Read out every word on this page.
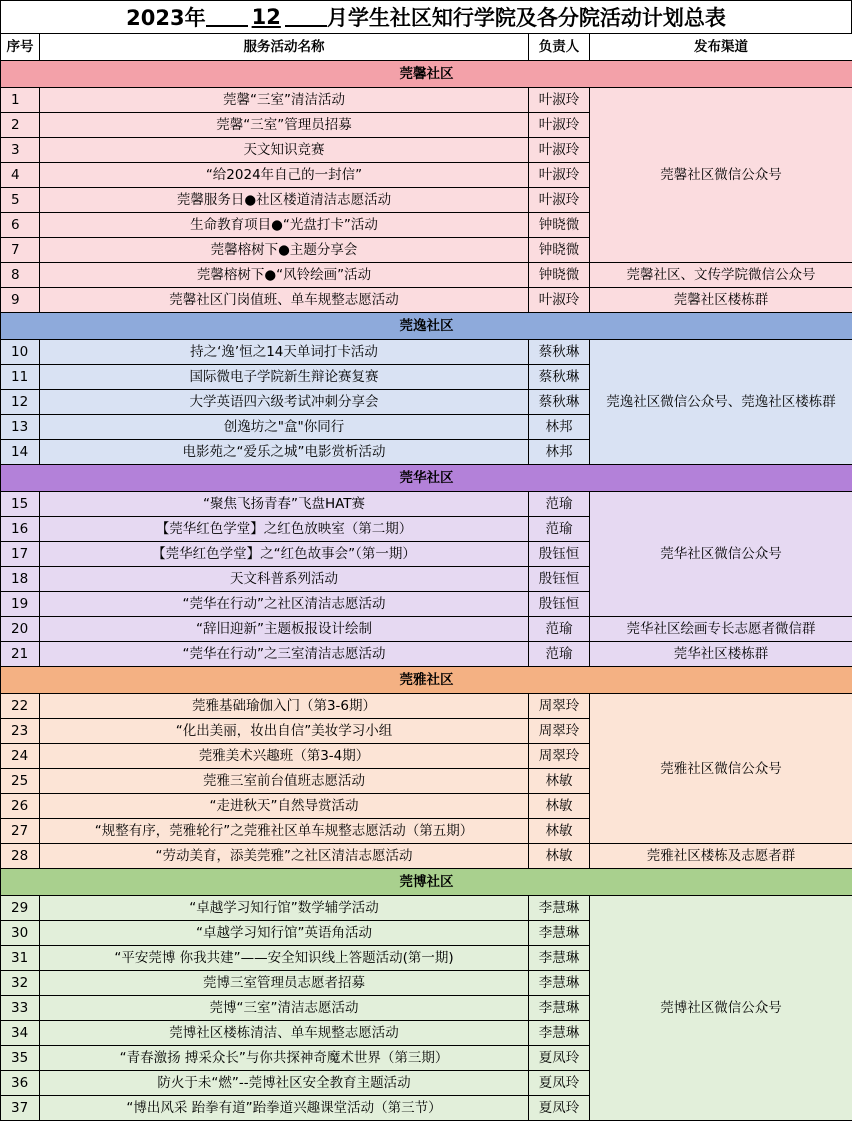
2023年 12 月学生社区知行学院及各分院活动计划总表
序号	服务活动名称	负责人	发布渠道
莞馨社区			
1	莞馨“三室”清洁活动	叶淑玲	莞馨社区微信公众号
2	莞馨“三室”管理员招募	叶淑玲	
3	天文知识竞赛	叶淑玲	
4	“给2024年自己的一封信”	叶淑玲	
5	莞馨服务日●社区楼道清洁志愿活动	叶淑玲	
6	生命教育项目●“光盘打卡”活动	钟晓微	
7	莞馨榕树下●主题分享会	钟晓微	
8	莞馨榕树下●“风铃绘画”活动	钟晓微	莞馨社区、文传学院微信公众号
9	莞馨社区门岗值班、单车规整志愿活动	叶淑玲	莞馨社区楼栋群
莞逸社区			
10	持之‘逸’恒之14天单词打卡活动	蔡秋琳	莞逸社区微信公众号、莞逸社区楼栋群
11	国际微电子学院新生辩论赛复赛	蔡秋琳	
12	大学英语四六级考试冲刺分享会	蔡秋琳	
13	创逸坊之"盒"你同行	林邦	
14	电影苑之“爱乐之城”电影赏析活动	林邦	
莞华社区			
15	“聚焦飞扬青春”飞盘HAT赛	范瑜	莞华社区微信公众号
16	【莞华红色学堂】之红色放映室（第二期）	范瑜	
17	【莞华红色学堂】之“红色故事会”（第一期）	殷钰恒	
18	天文科普系列活动	殷钰恒	
19	“莞华在行动”之社区清洁志愿活动	殷钰恒	
20	“辞旧迎新”主题板报设计绘制	范瑜	莞华社区绘画专长志愿者微信群
21	“莞华在行动”之三室清洁志愿活动	范瑜	莞华社区楼栋群
莞雅社区			
22	莞雅基础瑜伽入门（第3-6期）	周翠玲	莞雅社区微信公众号
23	“化出美丽，妆出自信”美妆学习小组	周翠玲	
24	莞雅美术兴趣班（第3-4期）	周翠玲	
25	莞雅三室前台值班志愿活动	林敏	
26	“走进秋天”自然导赏活动	林敏	
27	“规整有序，莞雅轮行”之莞雅社区单车规整志愿活动（第五期）	林敏	
28	“劳动美育，添美莞雅”之社区清洁志愿活动	林敏	莞雅社区楼栋及志愿者群
莞博社区			
29	“卓越学习知行馆”数学辅学活动	李慧琳	莞博社区微信公众号
30	“卓越学习知行馆”英语角活动	李慧琳	
31	“平安莞博 你我共建”——安全知识线上答题活动(第一期)	李慧琳	
32	莞博三室管理员志愿者招募	李慧琳	
33	莞博“三室”清洁志愿活动	李慧琳	
34	莞博社区楼栋清洁、单车规整志愿活动	李慧琳	
35	“青春激扬 搏采众长”与你共探神奇魔术世界（第三期）	夏凤玲	
36	防火于未“燃”--莞博社区安全教育主题活动	夏凤玲	
37	“博出风采 跆拳有道”跆拳道兴趣课堂活动（第三节）	夏凤玲	
